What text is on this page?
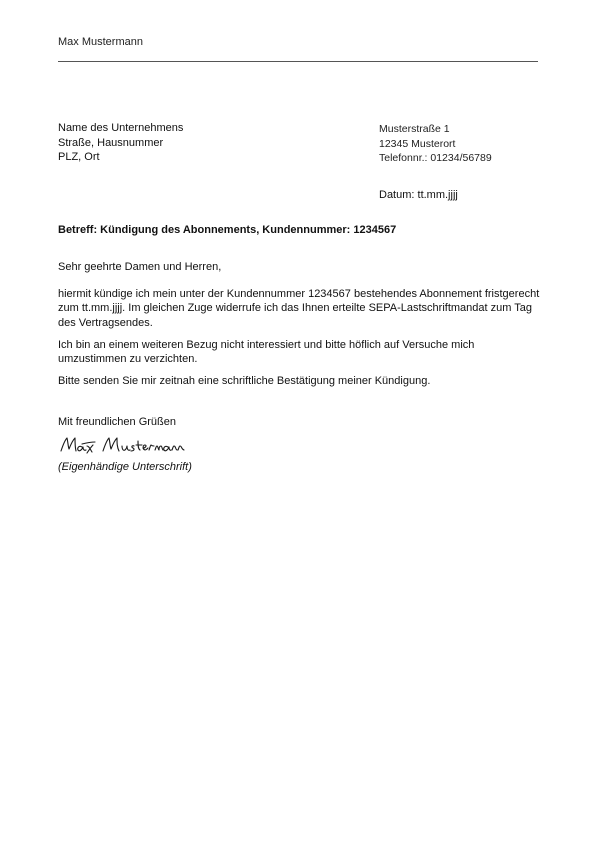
Max Mustermann
Name des Unternehmens
Straße, Hausnummer
PLZ, Ort
Musterstraße 1
12345 Musterort
Telefonnr.: 01234/56789
Datum: tt.mm.jjjj
Betreff: Kündigung des Abonnements, Kundennummer: 1234567

Sehr geehrte Damen und Herren,

hiermit kündige ich mein unter der Kundennummer 1234567 bestehendes Abonnement fristgerecht
zum tt.mm.jjjj. Im gleichen Zuge widerrufe ich das Ihnen erteilte SEPA-Lastschriftmandat zum Tag
des Vertragsendes.

Ich bin an einem weiteren Bezug nicht interessiert und bitte höflich auf Versuche mich
umzustimmen zu verzichten.

Bitte senden Sie mir zeitnah eine schriftliche Bestätigung meiner Kündigung.

Mit freundlichen Grüßen
(Eigenhändige Unterschrift)
